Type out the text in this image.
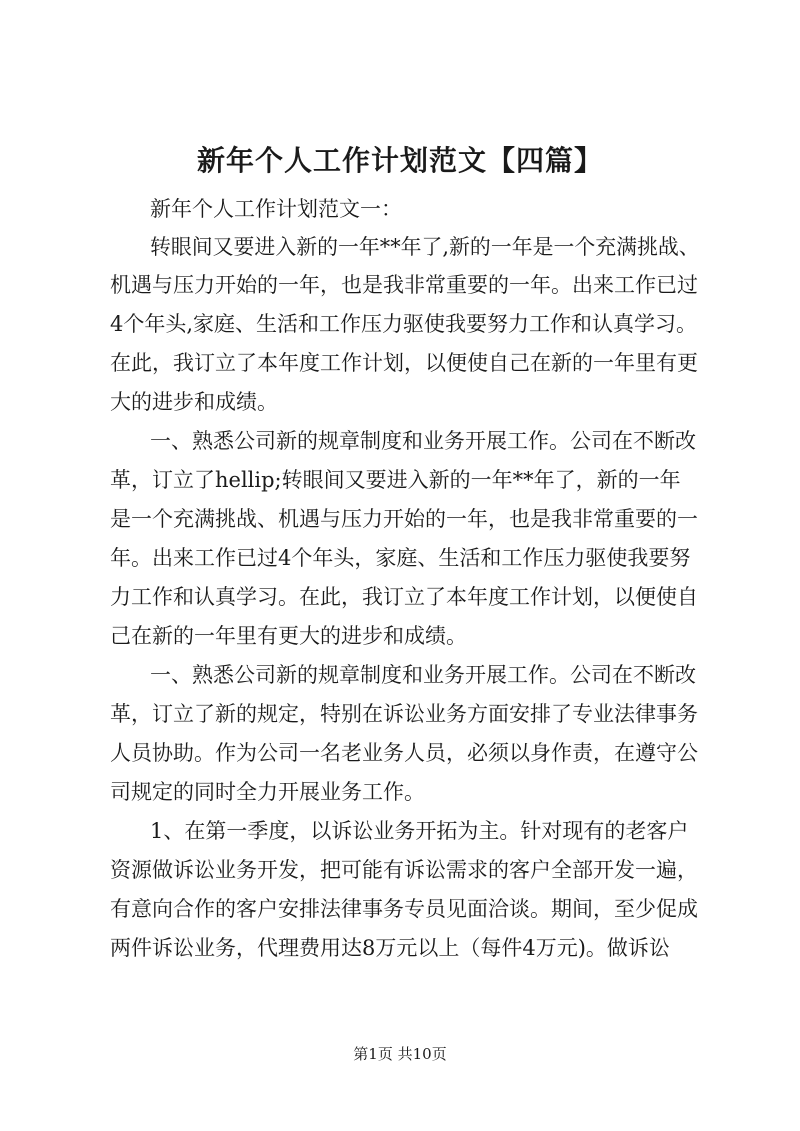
新年个人工作计划范文【四篇】

新年个人工作计划范文一：

转眼间又要进入新的一年**年了,新的一年是一个充满挑战、

机遇与压力开始的一年，也是我非常重要的一年。出来工作已过

4个年头,家庭、生活和工作压力驱使我要努力工作和认真学习。

在此，我订立了本年度工作计划，以便使自己在新的一年里有更

大的进步和成绩。

一、熟悉公司新的规章制度和业务开展工作。公司在不断改

革，订立了hellip;转眼间又要进入新的一年**年了，新的一年

是一个充满挑战、机遇与压力开始的一年，也是我非常重要的一

年。出来工作已过4个年头，家庭、生活和工作压力驱使我要努

力工作和认真学习。在此，我订立了本年度工作计划，以便使自

己在新的一年里有更大的进步和成绩。

一、熟悉公司新的规章制度和业务开展工作。公司在不断改

革，订立了新的规定，特别在诉讼业务方面安排了专业法律事务

人员协助。作为公司一名老业务人员，必须以身作责，在遵守公

司规定的同时全力开展业务工作。

1、在第一季度，以诉讼业务开拓为主。针对现有的老客户

资源做诉讼业务开发，把可能有诉讼需求的客户全部开发一遍，

有意向合作的客户安排法律事务专员见面洽谈。期间，至少促成

两件诉讼业务，代理费用达8万元以上（每件4万元)。做诉讼

第1页 共10页
